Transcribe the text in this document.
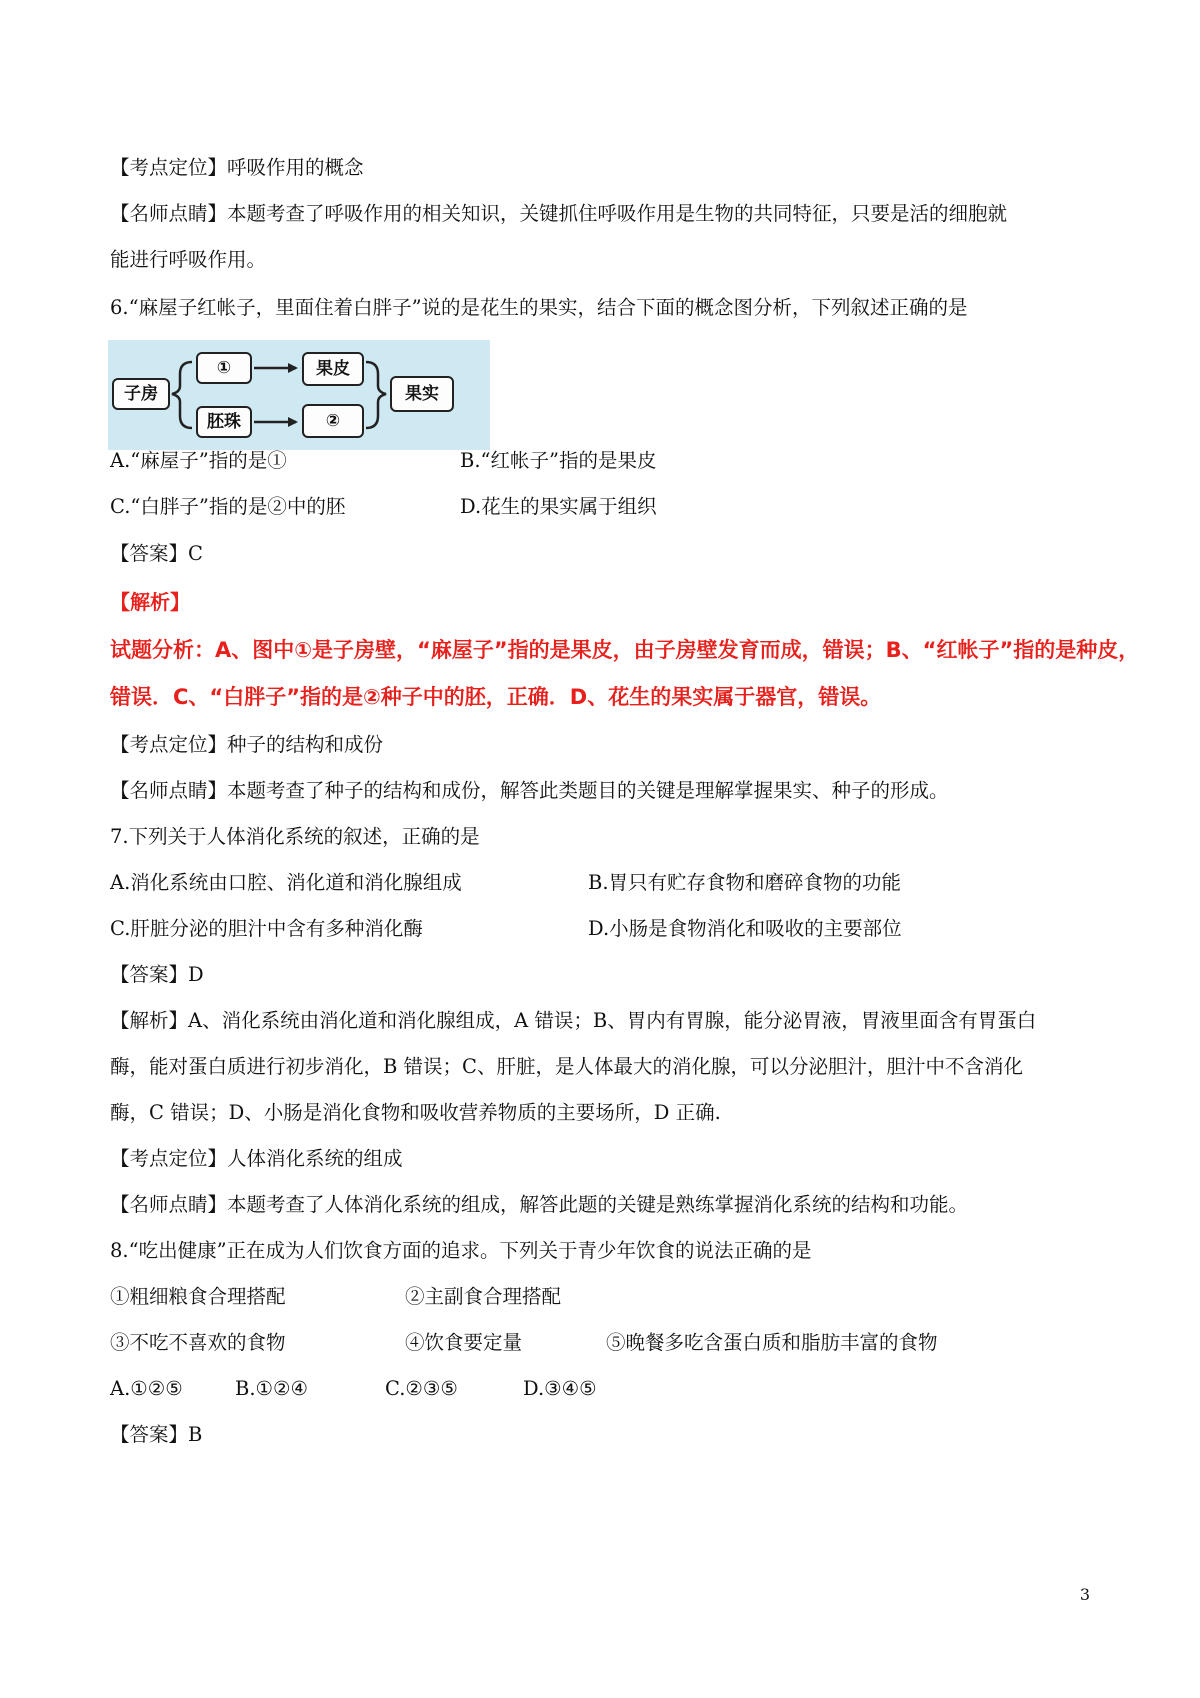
【考点定位】呼吸作用的概念
【名师点睛】本题考查了呼吸作用的相关知识，关键抓住呼吸作用是生物的共同特征，只要是活的细胞就
能进行呼吸作用。
6.“麻屋子红帐子，里面住着白胖子”说的是花生的果实，结合下面的概念图分析，下列叙述正确的是
子房
①
胚珠
果皮
②
果实
A.“麻屋子”指的是①	B.“红帐子”指的是果皮
C.“白胖子”指的是②中的胚	D.花生的果实属于组织
【答案】C
【解析】
试题分析：A、图中①是子房壁，“麻屋子”指的是果皮，由子房壁发育而成，错误；B、“红帐子”指的是种皮，
错误．C、“白胖子”指的是②种子中的胚，正确．D、花生的果实属于器官，错误。
【考点定位】种子的结构和成份
【名师点睛】本题考查了种子的结构和成份，解答此类题目的关键是理解掌握果实、种子的形成。
7.下列关于人体消化系统的叙述，正确的是
A.消化系统由口腔、消化道和消化腺组成	B.胃只有贮存食物和磨碎食物的功能
C.肝脏分泌的胆汁中含有多种消化酶	D.小肠是食物消化和吸收的主要部位
【答案】D
【解析】A、消化系统由消化道和消化腺组成，A 错误；B、胃内有胃腺，能分泌胃液，胃液里面含有胃蛋白
酶，能对蛋白质进行初步消化，B 错误；C、肝脏，是人体最大的消化腺，可以分泌胆汁，胆汁中不含消化
酶，C 错误；D、小肠是消化食物和吸收营养物质的主要场所，D 正确.
【考点定位】人体消化系统的组成
【名师点睛】本题考查了人体消化系统的组成，解答此题的关键是熟练掌握消化系统的结构和功能。
8.“吃出健康”正在成为人们饮食方面的追求。下列关于青少年饮食的说法正确的是
①粗细粮食合理搭配	②主副食合理搭配
③不吃不喜欢的食物	④饮食要定量	⑤晚餐多吃含蛋白质和脂肪丰富的食物
A.①②⑤	B.①②④	C.②③⑤	D.③④⑤
【答案】B
3
